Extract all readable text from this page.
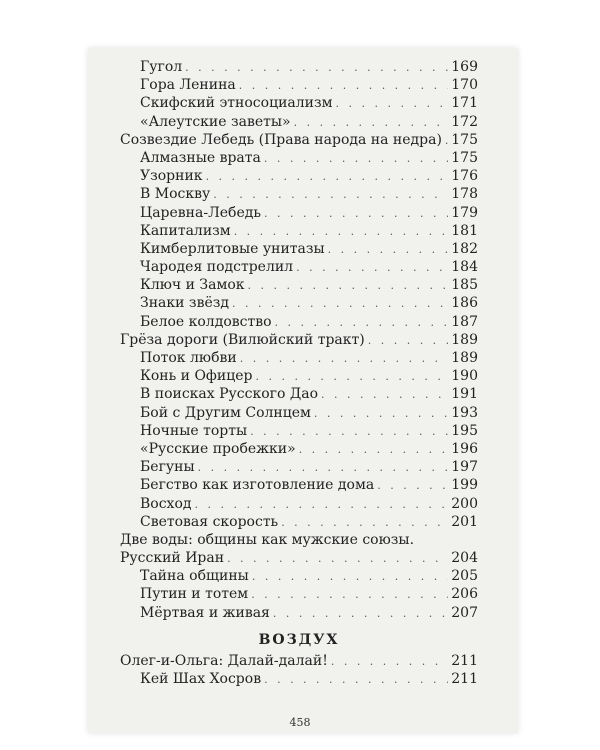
Гугол . . .	169
Гора Ленина . . .	170
Скифский этносоциализм . . .	171
«Алеутские заветы» . . .	172
Созвездие Лебедь (Права народа на недра) . . . 175
Алмазные врата . . .	175
Узорник . . .	176
В Москву . . .	178
Царевна-Лебедь . . .	179
Капитализм . . .	181
Кимберлитовые унитазы . . .	182
Чародея подстрелил . . .	184
Ключ и Замок . . .	185
Знаки звёзд . . .	186
Белое колдовство . . .	187
Грёза дороги (Вилюйский тракт) . . .	189
Поток любви . . .	189
Конь и Офицер . . .	190
В поисках Русского Дао . . .	191
Бой с Другим Солнцем . . .	193
Ночные торты . . .	195
«Русские пробежки» . . .	196
Бегуны . . .	197
Бегство как изготовление дома . . .	199
Восход . . .	200
Световая скорость . . .	201
Две воды: общины как мужские союзы.
Русский Иран . . .	204
Тайна общины . . .	205
Путин и тотем . . .	206
Мёртвая и живая . . .	207
ВОЗДУХ
Олег-и-Ольга: Далай-далай! . . .	211
Кей Шах Хосров . . .	211
458
